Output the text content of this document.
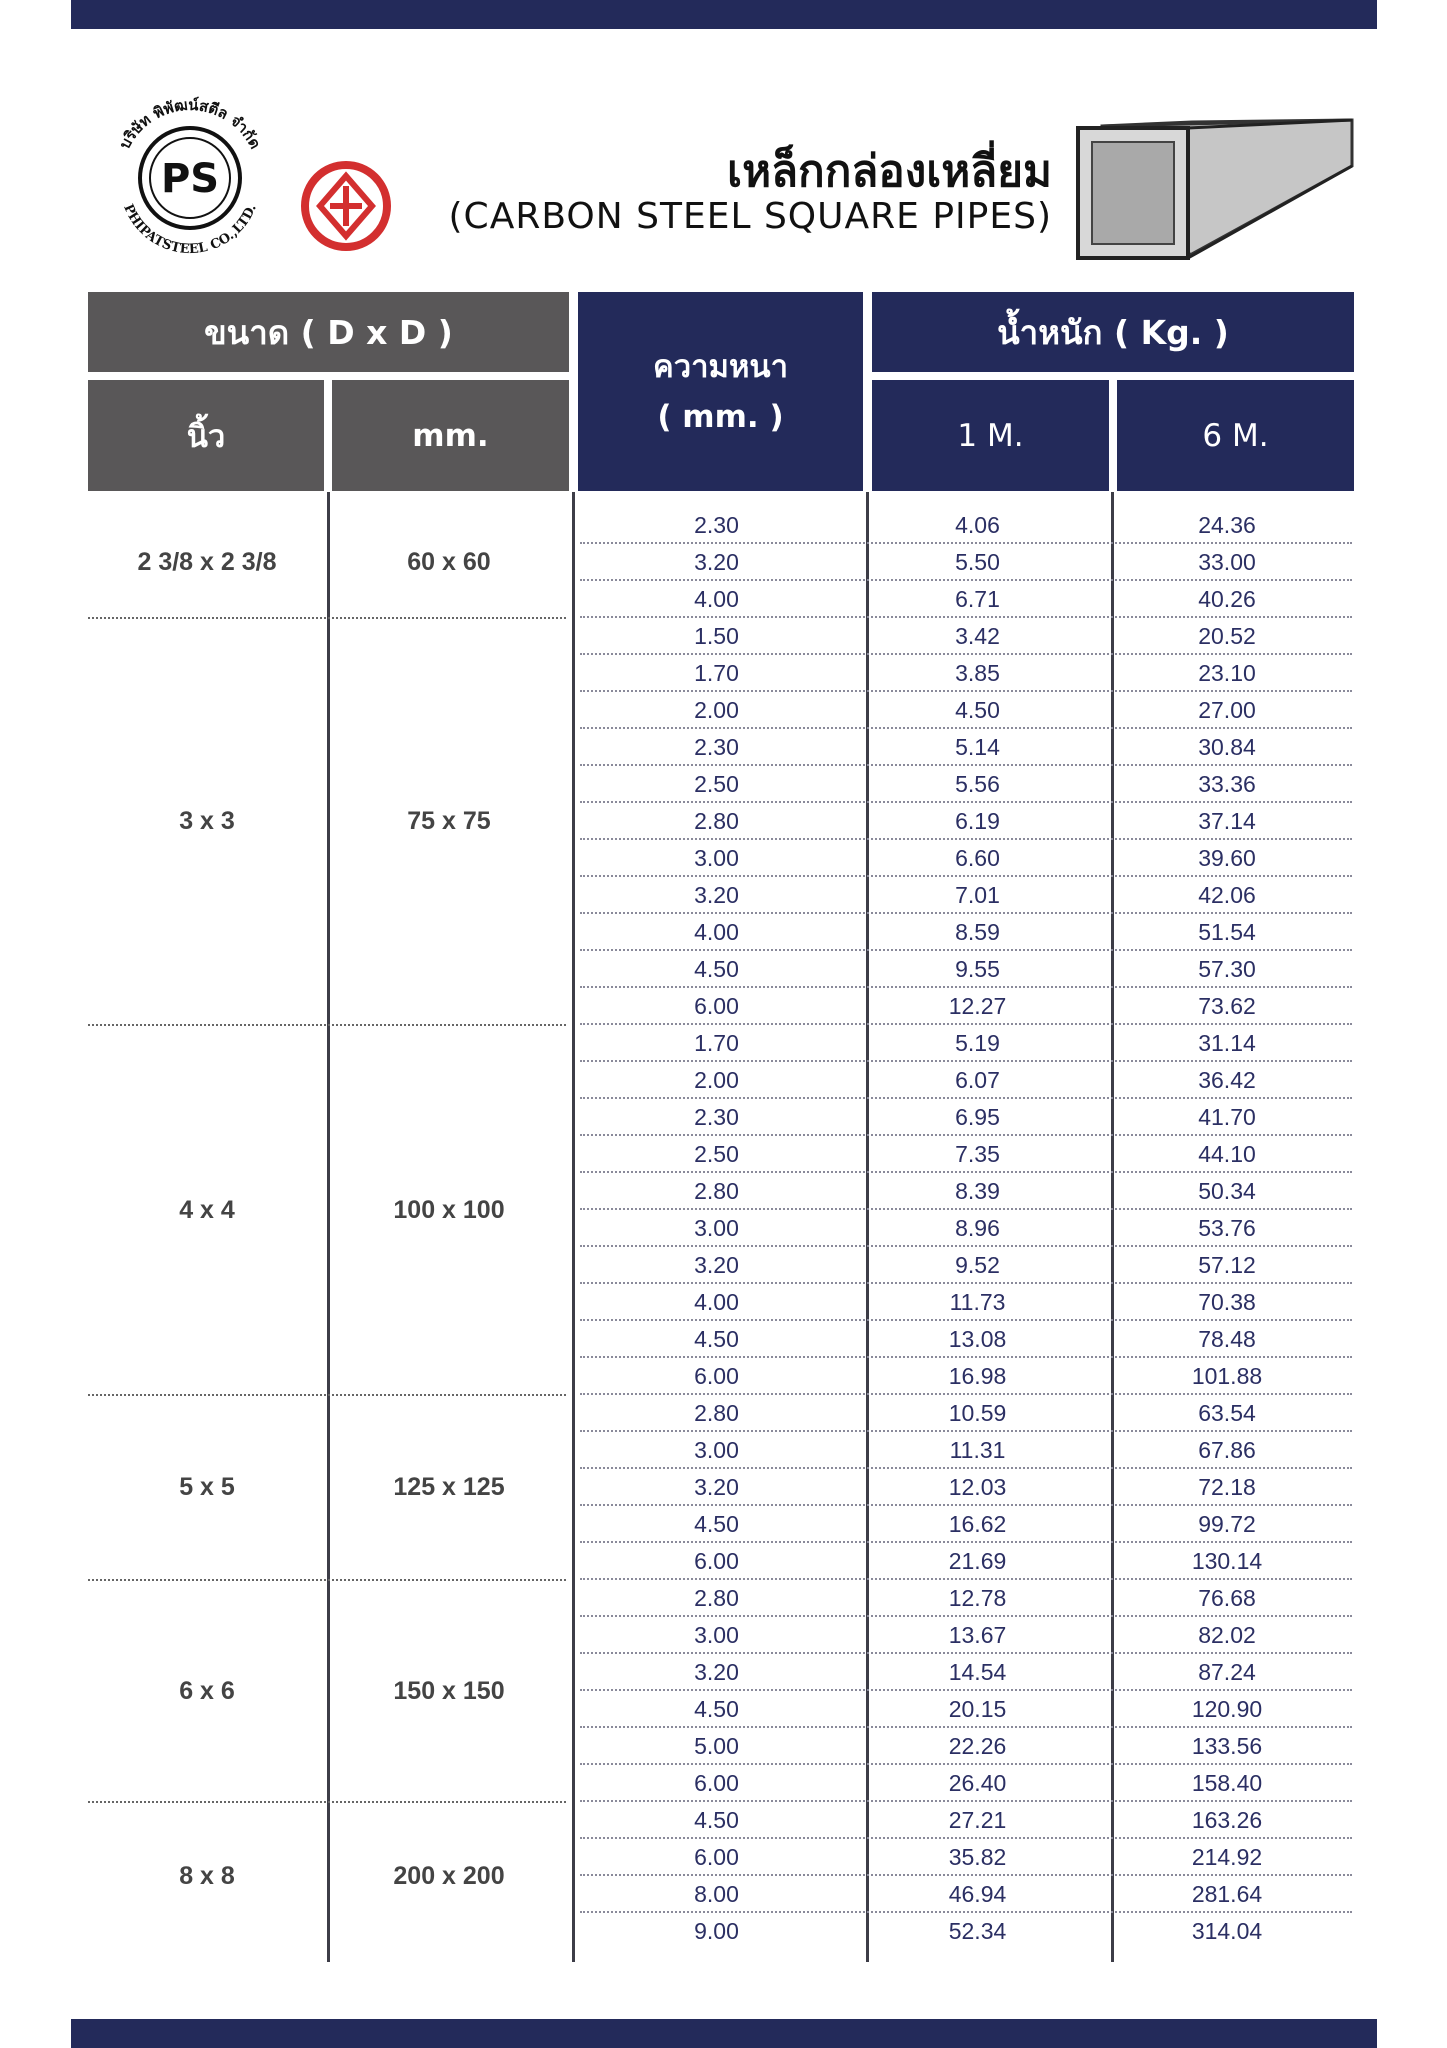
PS
บริษัท พิพัฒน์สตีล จำกัด
PHIPATSTEEL CO.,LTD.
เหล็กกล่องเหลี่ยม
(CARBON STEEL SQUARE PIPES)
ขนาด ( D x D )
นิ้ว	mm.
ความหนา
( mm. )
น้ำหนัก ( Kg. )
1 M.	6 M.
2 3/8 x 2 3/8	60 x 60
2.30	4.06	24.36
3.20	5.50	33.00
4.00	6.71	40.26
3 x 3	75 x 75
1.50	3.42	20.52
1.70	3.85	23.10
2.00	4.50	27.00
2.30	5.14	30.84
2.50	5.56	33.36
2.80	6.19	37.14
3.00	6.60	39.60
3.20	7.01	42.06
4.00	8.59	51.54
4.50	9.55	57.30
6.00	12.27	73.62
4 x 4	100 x 100
1.70	5.19	31.14
2.00	6.07	36.42
2.30	6.95	41.70
2.50	7.35	44.10
2.80	8.39	50.34
3.00	8.96	53.76
3.20	9.52	57.12
4.00	11.73	70.38
4.50	13.08	78.48
6.00	16.98	101.88
5 x 5	125 x 125
2.80	10.59	63.54
3.00	11.31	67.86
3.20	12.03	72.18
4.50	16.62	99.72
6.00	21.69	130.14
6 x 6	150 x 150
2.80	12.78	76.68
3.00	13.67	82.02
3.20	14.54	87.24
4.50	20.15	120.90
5.00	22.26	133.56
6.00	26.40	158.40
8 x 8	200 x 200
4.50	27.21	163.26
6.00	35.82	214.92
8.00	46.94	281.64
9.00	52.34	314.04
